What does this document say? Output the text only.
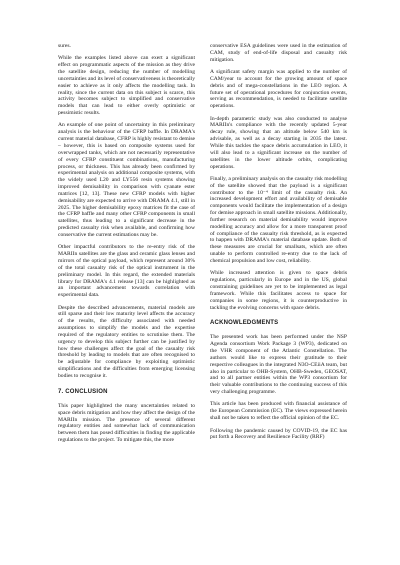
sures.

While the examples listed above can exert a significant effect on programmatic aspects of the mission as they drive the satellite design, reducing the number of modelling uncertainties and its level of conservativeness is theoretically easier to achieve as it only affects the modelling task. In reality, since the current data on this subject is scarce, this activity becomes subject to simplified and conservative models that can lead to either overly optimistic or pessimistic results.

An example of one point of uncertainty in this preliminary analysis is the behaviour of the CFRP baffle. In DRAMA's current material database, CFRP is highly resistant to demise – however, this is based on composite systems used for overwrapped tanks, which are not necessarily representative of every CFRP constituent combinations, manufacturing process, or thickness. This has already been confirmed by experimental analysis on additional composite systems, with the widely used L20 and LY556 resin systems showing improved demisability in comparison with cyanate ester matrices [12, 13]. These new CFRP models with higher demisability are expected to arrive with DRAMA 4.1, still in 2025. The higher demisability epoxy matrices fit the case of the CFRP baffle and many other CFRP components in small satellites, thus leading to a significant decrease in the predicted casualty risk when available, and confirming how conservative the current estimations may be.

Other impactful contributors to the re-entry risk of the MARIIn satellites are the glass and ceramic glass lenses and mirrors of the optical payload, which represent around 30% of the total casualty risk of the optical instrument in the preliminary model. In this regard, the extended materials library for DRAMA's 4.1 release [13] can be highlighted as an important advancement towards correlation with experimental data.

Despite the described advancements, material models are still sparse and their low maturity level affects the accuracy of the results, the difficulty associated with needed assumptions to simplify the models and the expertise required of the regulatory entities to scrutinise them. The urgency to develop this subject further can be justified by how these challenges affect the goal of the casualty risk threshold by leading to models that are often recognised to be adjustable for compliance by exploiting optimistic simplifications and the difficulties from emerging licensing bodies to recognise it.

7. CONCLUSION

This paper highlighted the many uncertainties related to space debris mitigation and how they affect the design of the MARIIn mission. The presence of several different regulatory entities and somewhat lack of communication between them has posed difficulties in finding the applicable regulations to the project. To mitigate this, the more

conservative ESA guidelines were used in the estimation of CAM, study of end-of-life disposal and casualty risk mitigation.

A significant safety margin was applied to the number of CAM/year to account for the growing amount of space debris and of mega-constellations in the LEO region. A future set of operational procedures for conjunction events, serving as recommendation, is needed to facilitate satellite operations.

In-depth parametric study was also conducted to analyse MARIIn's compliance with the recently updated 5-year decay rule, showing that an altitude below 540 km is advisable, as well as a decay starting in 2035 the latest. While this tackles the space debris accumulation in LEO, it will also lead to a significant increase on the number of satellites in the lower altitude orbits, complicating operations.

Finally, a preliminary analysis on the casualty risk modelling of the satellite showed that the payload is a significant contributor to the 10⁻⁴ limit of the casualty risk. An increased development effort and availability of demisable components would facilitate the implementation of a design for demise approach in small satellite missions. Additionally, further research on material demisability would improve modelling accuracy and allow for a more transparent proof of compliance of the casualty risk threshold, as is expected to happen with DRAMA's material database update. Both of these measures are crucial for smallsats, which are often unable to perform controlled re-entry due to the lack of chemical propulsion and low cost, reliability.

While increased attention is given to space debris regulations, particularly in Europe and in the US, global constraining guidelines are yet to be implemented as legal framework. While this facilitates access to space for companies in some regions, it is counterproductive in tackling the evolving concerns with space debris.

ACKNOWLEDGMENTS

The presented work has been performed under the NSP Agenda consortium Work Package 3 (WP3), dedicated on the VHR component of the Atlantic Constellation. The authors would like to express their gratitude to their respective colleagues in the integrated N3O-CEiiA team, but also in particular to OHB-System, OHB-Sweden, GEOSAT, and to all partner entities within the WP3 consortium for their valuable contributions to the continuing success of this very challenging programme.

This article has been produced with financial assistance of the European Commission (EC). The views expressed herein shall not be taken to reflect the official opinion of the EC.

Following the pandemic caused by COVID-19, the EC has put forth a Recovery and Resilience Facility (RRF)
